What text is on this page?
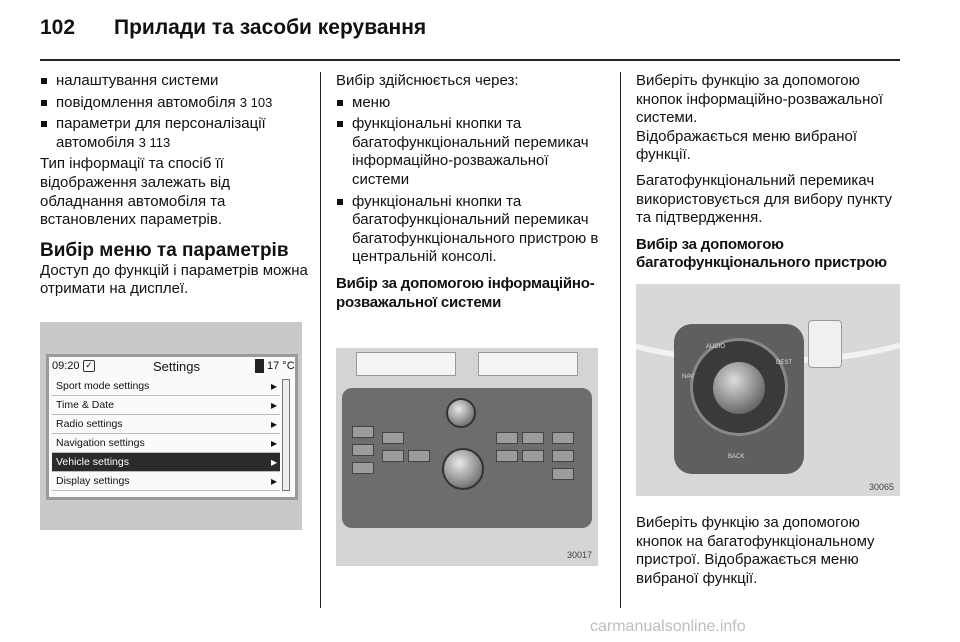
102	Прилади та засоби керування
налаштування системи
повідомлення автомобіля 3 103
параметри для персоналізації автомобіля 3 113

Тип інформації та спосіб її відображення залежать від обладнання автомобіля та встановлених параметрів.

Вибір меню та параметрів

Доступ до функцій і параметрів можна отримати на дисплеї.

09:20 ✓	Settings	17 °C
Sport mode settings	▸
Time & Date	▸
Radio settings	▸
Navigation settings	▸
Vehicle settings	▸
Display settings	▸

Вибір здійснюється через:

меню
функціональні кнопки та багатофункціональний перемикач інформаційно-розважальної системи
функціональні кнопки та багатофункціональний перемикач багатофункціонального пристрою в центральній консолі.
Вибір за допомогою інформаційно-розважальної системи
30017

Виберіть функцію за допомогою кнопок інформаційно-розважальної системи.

Відображається меню вибраної функції.

Багатофункціональний перемикач використовується для вибору пункту та підтвердження.

Вибір за допомогою багатофункціонального пристрою
AUDIO
NAV
DEST
BACK
30065

Виберіть функцію за допомогою кнопок на багатофункціональному пристрої. Відображається меню вибраної функції.

carmanualsonline.info
